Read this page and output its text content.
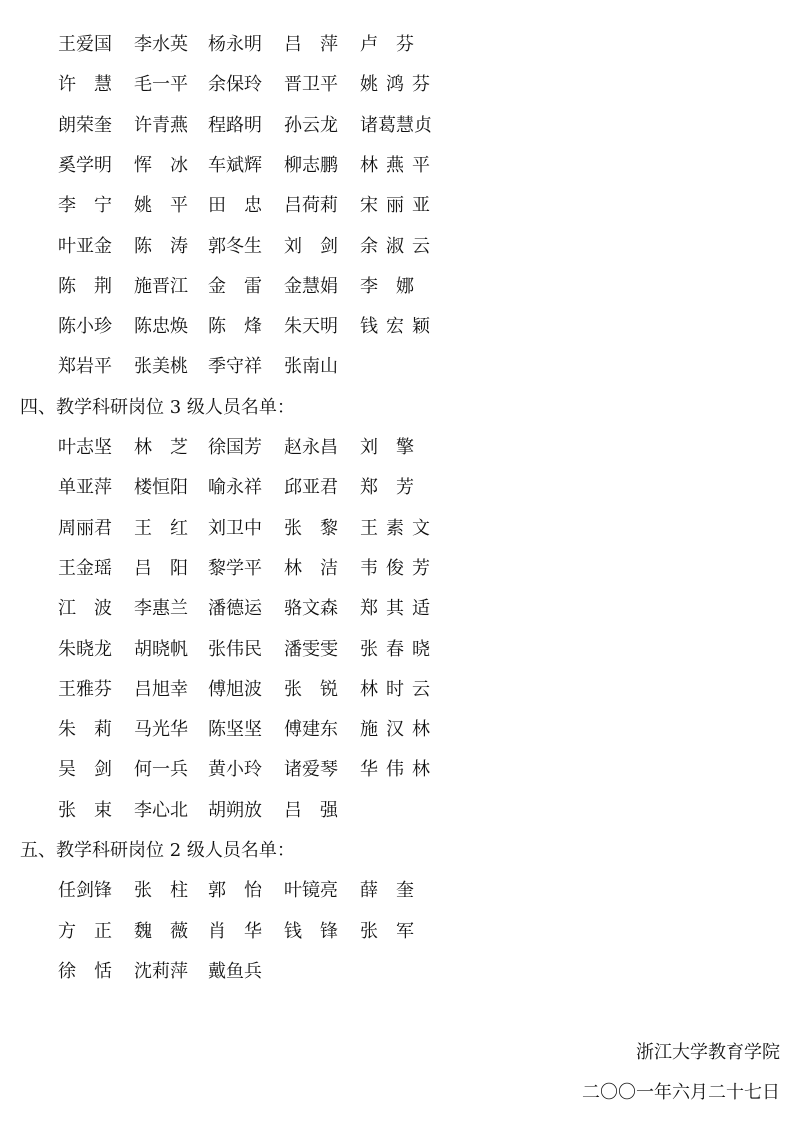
王爱国 李水英 杨永明 吕萍 卢芬
许慧 毛一平 余保玲 晋卫平 姚鸿芬
朗荣奎 许青燕 程路明 孙云龙 诸葛慧贞
奚学明 恽冰 车斌辉 柳志鹏 林燕平
李宁 姚平 田忠 吕荷莉 宋丽亚
叶亚金 陈涛 郭冬生 刘剑 余淑云
陈荆 施晋江 金雷 金慧娟 李娜
陈小珍 陈忠焕 陈烽 朱天明 钱宏颖
郑岩平 张美桃 季守祥 张南山
四、教学科研岗位 3 级人员名单：
叶志坚 林芝 徐国芳 赵永昌 刘擎
单亚萍 楼恒阳 喻永祥 邱亚君 郑芳
周丽君 王红 刘卫中 张黎 王素文
王金瑶 吕阳 黎学平 林洁 韦俊芳
江波 李惠兰 潘德运 骆文森 郑其适
朱晓龙 胡晓帆 张伟民 潘雯雯 张春晓
王雅芬 吕旭幸 傅旭波 张锐 林时云
朱莉 马光华 陈坚坚 傅建东 施汉林
吴剑 何一兵 黄小玲 诸爱琴 华伟林
张束 李心北 胡朔放 吕强
五、教学科研岗位 2 级人员名单：
任剑锋 张柱 郭怡 叶镜亮 薛奎
方正 魏薇 肖华 钱锋 张军
徐恬 沈莉萍 戴鱼兵
浙江大学教育学院
二〇〇一年六月二十七日
